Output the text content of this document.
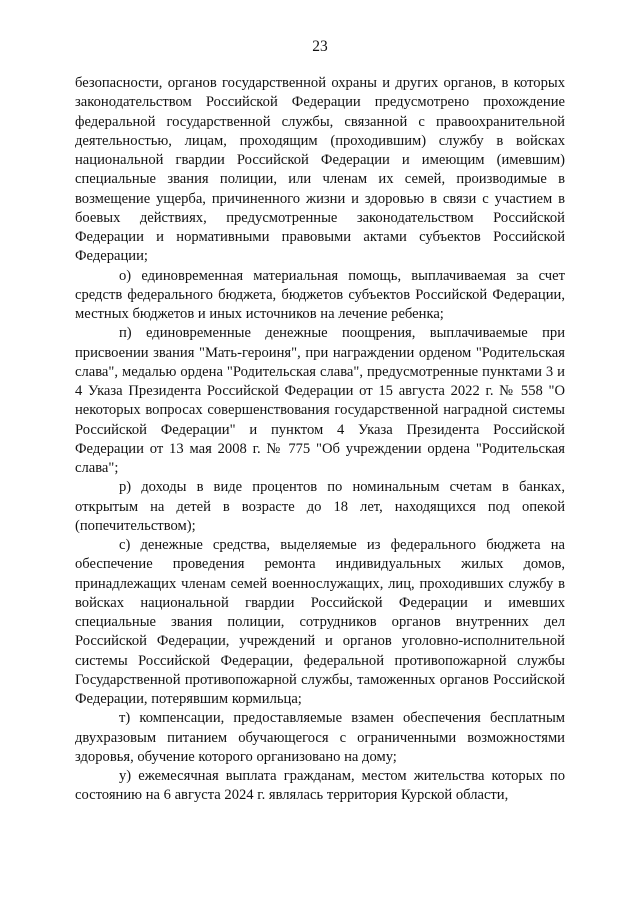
23

безопасности, органов государственной охраны и других органов, в которых законодательством Российской Федерации предусмотрено прохождение федеральной государственной службы, связанной с правоохранительной деятельностью, лицам, проходящим (проходившим) службу в войсках национальной гвардии Российской Федерации и имеющим (имевшим) специальные звания полиции, или членам их семей, производимые в возмещение ущерба, причиненного жизни и здоровью в связи с участием в боевых действиях, предусмотренные законодательством Российской Федерации и нормативными правовыми актами субъектов Российской Федерации;

о) единовременная материальная помощь, выплачиваемая за счет средств федерального бюджета, бюджетов субъектов Российской Федерации, местных бюджетов и иных источников на лечение ребенка;

п) единовременные денежные поощрения, выплачиваемые при присвоении звания "Мать-героиня", при награждении орденом "Родительская слава", медалью ордена "Родительская слава", предусмотренные пунктами 3 и 4 Указа Президента Российской Федерации от 15 августа 2022 г. № 558 "О некоторых вопросах совершенствования государственной наградной системы Российской Федерации" и пунктом 4 Указа Президента Российской Федерации от 13 мая 2008 г. № 775 "Об учреждении ордена "Родительская слава";

р) доходы в виде процентов по номинальным счетам в банках, открытым на детей в возрасте до 18 лет, находящихся под опекой (попечительством);

с) денежные средства, выделяемые из федерального бюджета на обеспечение проведения ремонта индивидуальных жилых домов, принадлежащих членам семей военнослужащих, лиц, проходивших службу в войсках национальной гвардии Российской Федерации и имевших специальные звания полиции, сотрудников органов внутренних дел Российской Федерации, учреждений и органов уголовно-исполнительной системы Российской Федерации, федеральной противопожарной службы Государственной противопожарной службы, таможенных органов Российской Федерации, потерявшим кормильца;

т) компенсации, предоставляемые взамен обеспечения бесплатным двухразовым питанием обучающегося с ограниченными возможностями здоровья, обучение которого организовано на дому;

у) ежемесячная выплата гражданам, местом жительства которых по состоянию на 6 августа 2024 г. являлась территория Курской области,
